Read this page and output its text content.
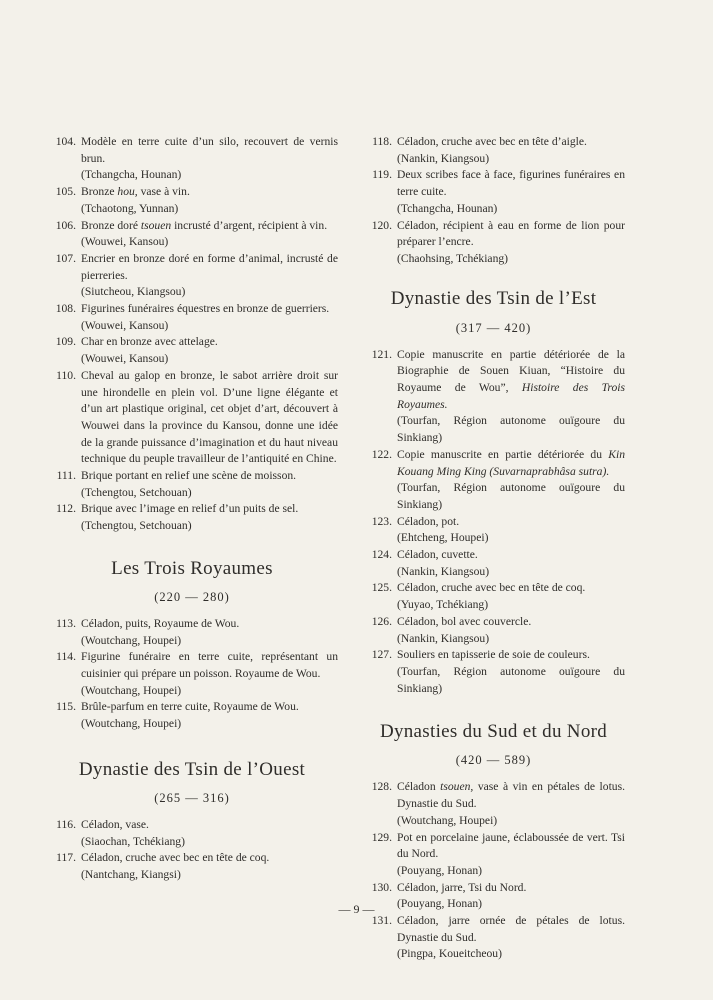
104. Modèle en terre cuite d’un silo, recouvert de vernis brun.
(Tchangcha, Hounan)
105. Bronze hou, vase à vin.
(Tchaotong, Yunnan)
106. Bronze doré tsouen incrusté d’argent, récipient à vin.
(Wouwei, Kansou)
107. Encrier en bronze doré en forme d’animal, incrusté de pierreries.
(Siutcheou, Kiangsou)
108. Figurines funéraires équestres en bronze de guerriers.
(Wouwei, Kansou)
109. Char en bronze avec attelage.
(Wouwei, Kansou)
110. Cheval au galop en bronze, le sabot arrière droit sur une hirondelle en plein vol. D’une ligne élégante et d’un art plastique original, cet objet d’art, découvert à Wouwei dans la province du Kansou, donne une idée de la grande puissance d’imagination et du haut niveau technique du peuple travailleur de l’antiquité en Chine.
111. Brique portant en relief une scène de moisson.
(Tchengtou, Setchouan)
112. Brique avec l’image en relief d’un puits de sel.
(Tchengtou, Setchouan)
Les Trois Royaumes
(220 — 280)
113. Céladon, puits, Royaume de Wou.
(Woutchang, Houpei)
114. Figurine funéraire en terre cuite, représentant un cuisinier qui prépare un poisson. Royaume de Wou.
(Woutchang, Houpei)
115. Brûle-parfum en terre cuite, Royaume de Wou.
(Woutchang, Houpei)
Dynastie des Tsin de l’Ouest
(265 — 316)
116. Céladon, vase.
(Siaochan, Tchékiang)
117. Céladon, cruche avec bec en tête de coq.
(Nantchang, Kiangsi)
118. Céladon, cruche avec bec en tête d’aigle.
(Nankin, Kiangsou)
119. Deux scribes face à face, figurines funéraires en terre cuite.
(Tchangcha, Hounan)
120. Céladon, récipient à eau en forme de lion pour préparer l’encre.
(Chaohsing, Tchékiang)
Dynastie des Tsin de l’Est
(317 — 420)
121. Copie manuscrite en partie détériorée de la Biographie de Souen Kiuan, “Histoire du Royaume de Wou”, Histoire des Trois Royaumes.
(Tourfan, Région autonome ouïgoure du Sinkiang)
122. Copie manuscrite en partie détériorée du Kin Kouang Ming King (Suvarnaprabhâsa sutra).
(Tourfan, Région autonome ouïgoure du Sinkiang)
123. Céladon, pot.
(Ehtcheng, Houpei)
124. Céladon, cuvette.
(Nankin, Kiangsou)
125. Céladon, cruche avec bec en tête de coq.
(Yuyao, Tchékiang)
126. Céladon, bol avec couvercle.
(Nankin, Kiangsou)
127. Souliers en tapisserie de soie de couleurs.
(Tourfan, Région autonome ouïgoure du Sinkiang)
Dynasties du Sud et du Nord
(420 — 589)
128. Céladon tsouen, vase à vin en pétales de lotus. Dynastie du Sud.
(Woutchang, Houpei)
129. Pot en porcelaine jaune, éclaboussée de vert. Tsi du Nord.
(Pouyang, Honan)
130. Céladon, jarre, Tsi du Nord.
(Pouyang, Honan)
131. Céladon, jarre ornée de pétales de lotus. Dynastie du Sud.
(Pingpa, Koueitcheou)
— 9 —
